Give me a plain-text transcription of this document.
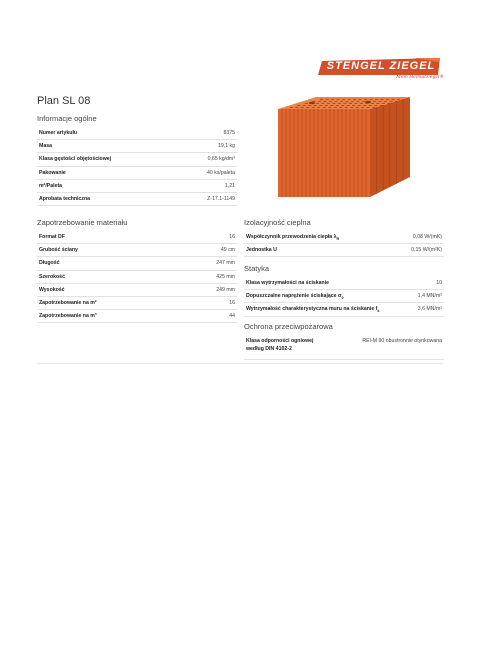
STENGEL ZIEGEL
Mein Heimatziegel®
Plan SL 08
Informacje ogólne
Numer artykułu	8375
Masa	19,1 kg
Klasa gęstości objętościowej	0,65 kg/dm³
Pakowanie	40 ks/paleta
m²/Paleta	1,21
Aprobata techniczna	Z-17.1-1149
Zapotrzebowanie materiału
Format DF	16
Grubość ściany	49 cm
Długość	247 mm
Szerokość	425 mm
Wysokość	249 mm
Zapotrzebowanie na m²	16
Zapotrzebowanie na m³	44
Izolacyjność cieplna
Współczynnik przewodzenia ciepła $\lambda_R$	0,08 W/(mK)
Jednostka U	0,15 W/(m²K)
Statyka
Klasa wytrzymałości na ściskanie	10
Dopuszczalne naprężenie ściskające $\sigma_0$	1,4 MN/m²
Wytrzymałość charakterystyczna muru na ściskanie $f_k$	3,6 MN/m²
Ochrona przeciwpożarowa
Klasa odporności ogniowej
według DIN 4102-2	REI-M 90 obustronnie otynkowana
